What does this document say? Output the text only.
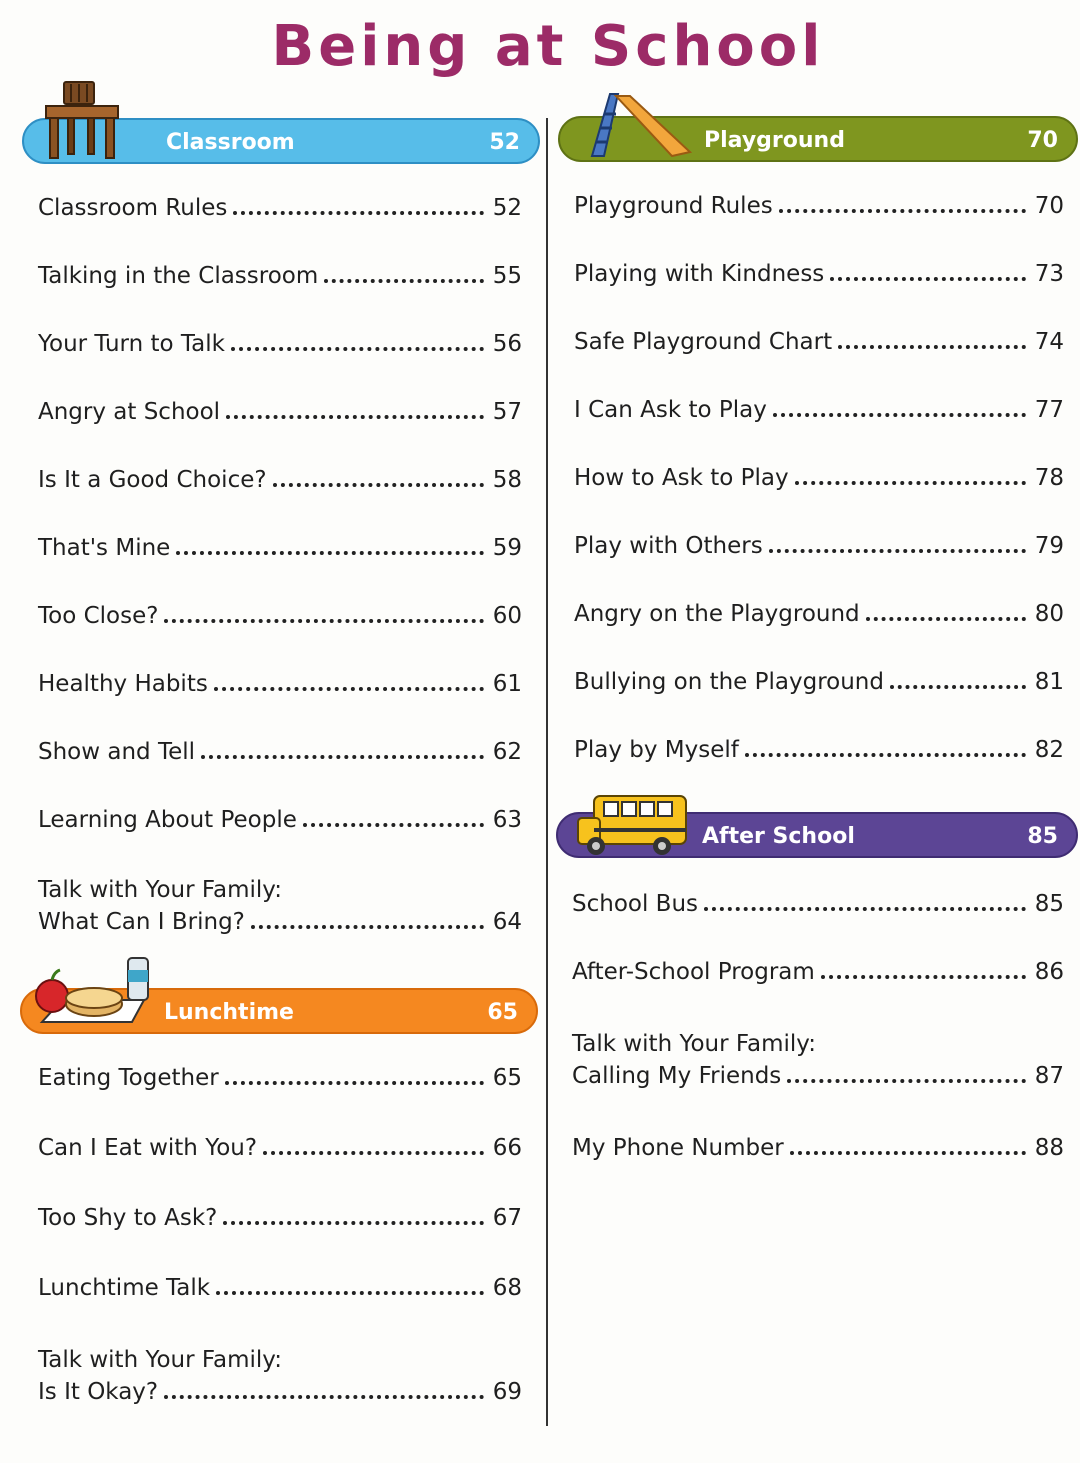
Being at School
Classroom	52
Lunchtime	65
Playground	70
After School	85
Classroom Rules	52
Talking in the Classroom	55
Your Turn to Talk	56
Angry at School	57
Is It a Good Choice?	58
That's Mine	59
Too Close?	60
Healthy Habits	61
Show and Tell	62
Learning About People	63
Talk with Your Family:
What Can I Bring?	64
Eating Together	65
Can I Eat with You?	66
Too Shy to Ask?	67
Lunchtime Talk	68
Talk with Your Family:
Is It Okay?	69
Playground Rules	70
Playing with Kindness	73
Safe Playground Chart	74
I Can Ask to Play	77
How to Ask to Play	78
Play with Others	79
Angry on the Playground	80
Bullying on the Playground	81
Play by Myself	82
School Bus	85
After-School Program	86
Talk with Your Family:
Calling My Friends	87
My Phone Number	88
